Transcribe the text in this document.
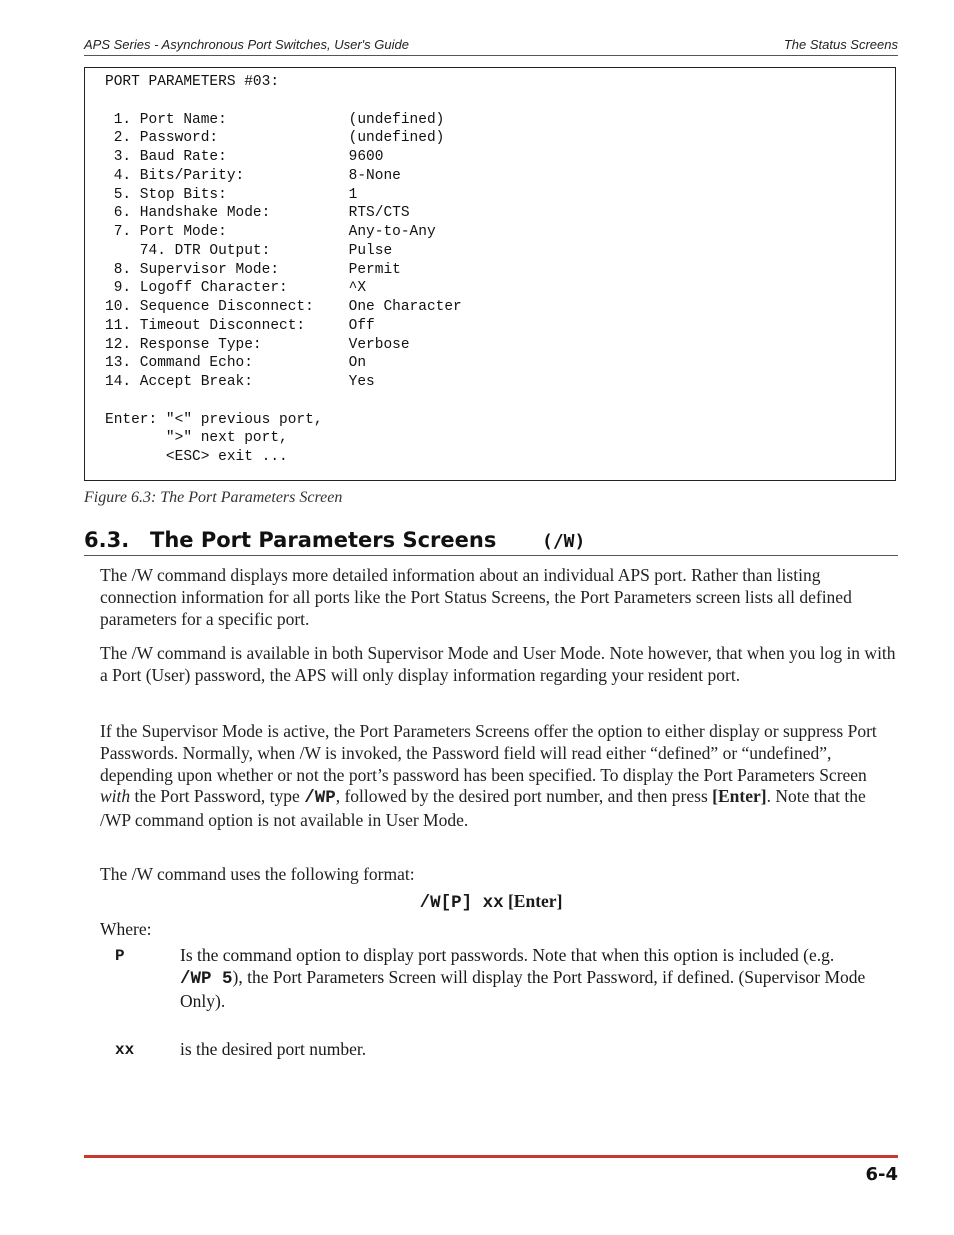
APS Series - Asynchronous Port Switches, User's Guide	The Status Screens
PORT PARAMETERS #03:

1. Port Name:              (undefined)
2. Password:               (undefined)
3. Baud Rate:              9600
4. Bits/Parity:            8-None
5. Stop Bits:              1
6. Handshake Mode:         RTS/CTS
7. Port Mode:              Any-to-Any
74. DTR Output:         Pulse
8. Supervisor Mode:        Permit
9. Logoff Character:       ^X
10. Sequence Disconnect:    One Character
11. Timeout Disconnect:     Off
12. Response Type:          Verbose
13. Command Echo:           On
14. Accept Break:           Yes

Enter: "<" previous port,
">" next port,
<ESC> exit ...
Figure 6.3: The Port Parameters Screen
6.3. The Port Parameters Screens	(/W)

The /W command displays more detailed information about an individual APS port. Rather than listing connection information for all ports like the Port Status Screens, the Port Parameters screen lists all defined parameters for a specific port.

The /W command is available in both Supervisor Mode and User Mode. Note however, that when you log in with a Port (User) password, the APS will only display information regarding your resident port.

If the Supervisor Mode is active, the Port Parameters Screens offer the option to either display or suppress Port Passwords. Normally, when /W is invoked, the Password field will read either “defined” or “undefined”, depending upon whether or not the port’s password has been specified. To display the Port Parameters Screen with the Port Password, type /WP, followed by the desired port number, and then press [Enter]. Note that the /WP command option is not available in User Mode.

The /W command uses the following format:

/W[P] xx [Enter]
Where:
P	Is the command option to display port passwords. Note that when this option is included (e.g. /WP 5), the Port Parameters Screen will display the Port Password, if defined. (Supervisor Mode Only).

xx	is the desired port number.

6-4
